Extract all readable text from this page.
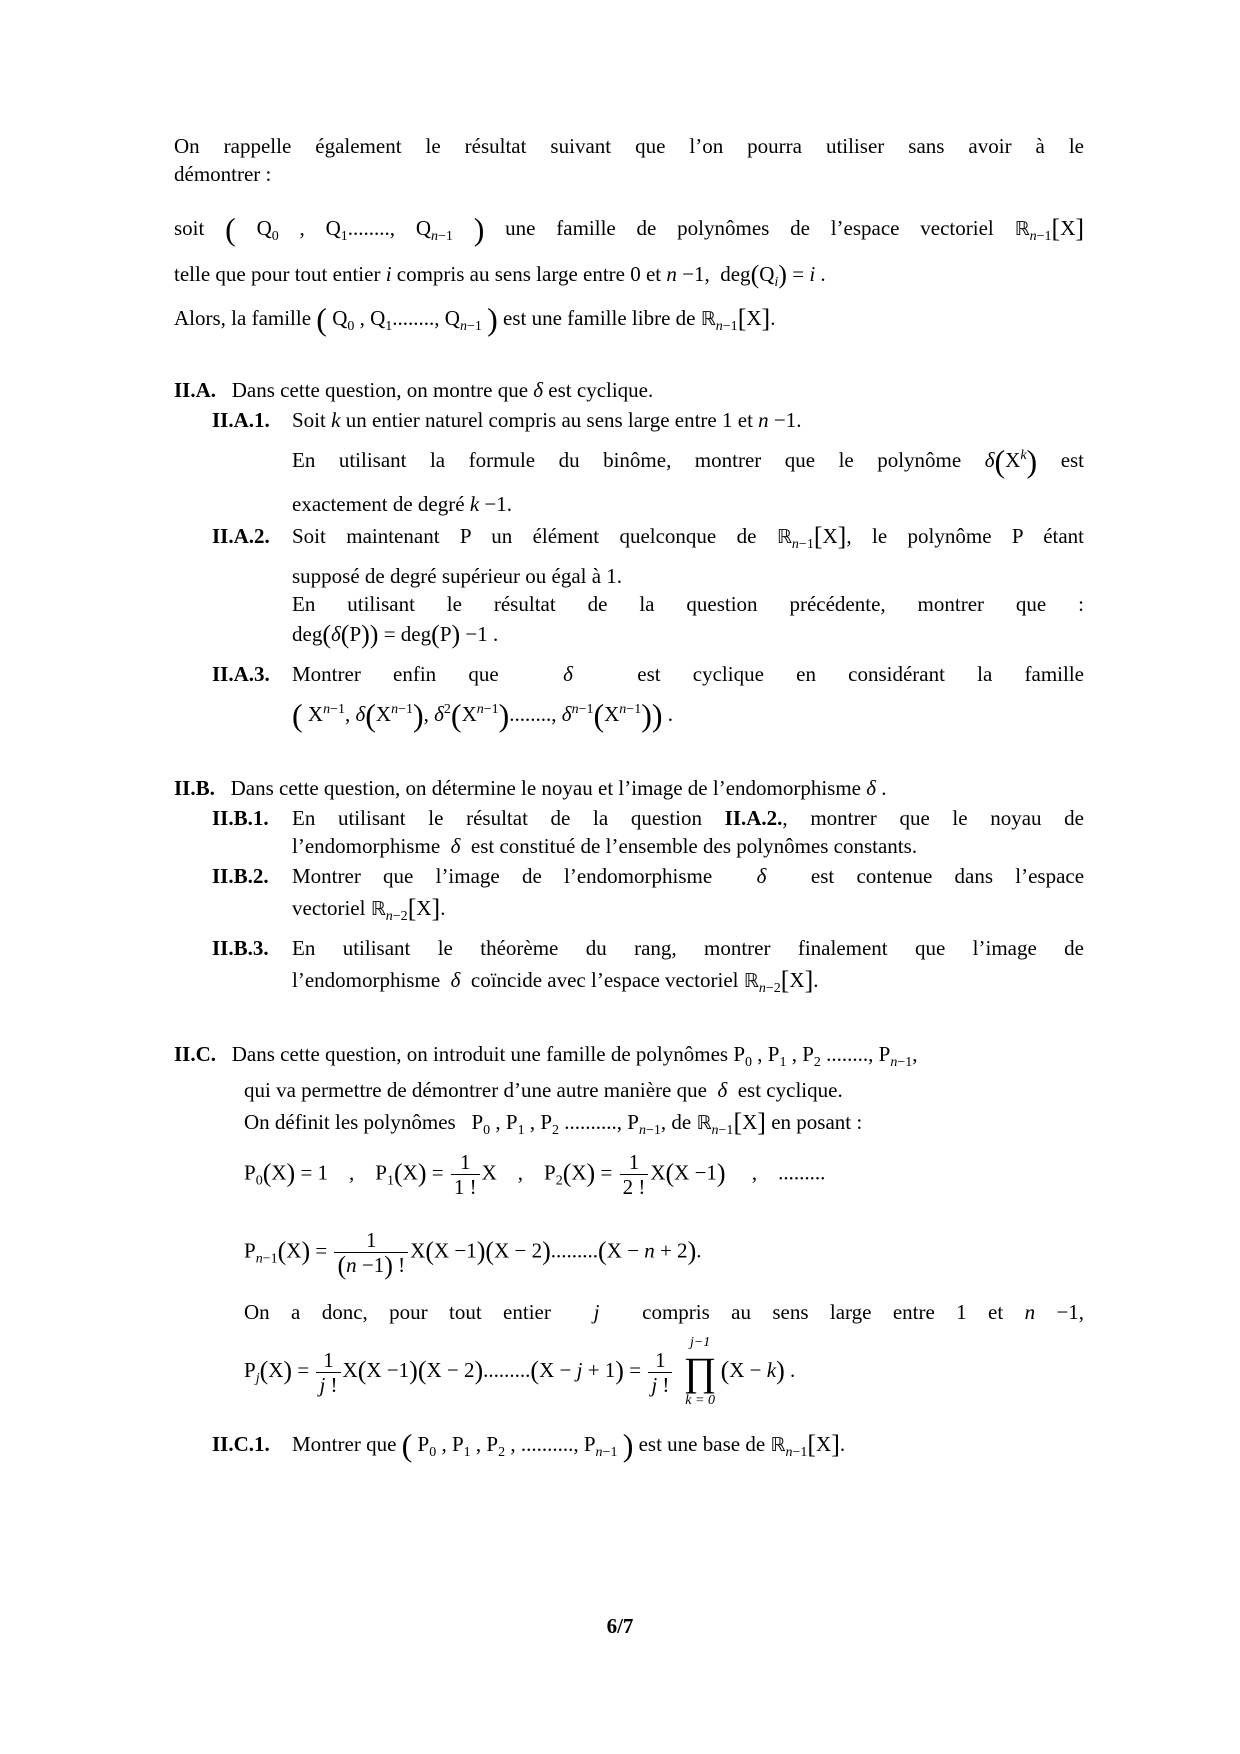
On rappelle également le résultat suivant que l’on pourra utiliser sans avoir à le
démontrer :
soit ( $Q_0$ , $Q_1$........, $Q_{n-1}$ ) une famille de polynômes de l’espace vectoriel ℝ$_{n-1}$[X]
telle que pour tout entier i compris au sens large entre 0 et n −1,  $deg(Q_i) = i$ .
Alors, la famille ( $Q_0$ , $Q_1$........, $Q_{n-1}$ ) est une famille libre de ℝ$_{n-1}$[X].
II.A. Dans cette question, on montre que δ est cyclique.
II.A.1. Soit k un entier naturel compris au sens large entre 1 et n −1.
En utilisant la formule du binôme, montrer que le polynôme $\delta(X^k)$ est
exactement de degré k −1.
II.A.2. Soit maintenant P un élément quelconque de ℝ$_{n-1}$[X], le polynôme P étant
supposé de degré supérieur ou égal à 1.
En utilisant le résultat de la question précédente, montrer que :
deg(δ(P)) = deg(P) −1 .
II.A.3. Montrer enfin que	δ	est cyclique en considérant la famille
( $X^{n-1}$, $\delta(X^{n-1})$, $\delta^2(X^{n-1})$........, $\delta^{n-1}(X^{n-1})$) .
II.B. Dans cette question, on détermine le noyau et l’image de l’endomorphisme δ .
II.B.1. En utilisant le résultat de la question II.A.2., montrer que le noyau de
l’endomorphisme δ est constitué de l’ensemble des polynômes constants.
II.B.2. Montrer que l’image de l’endomorphisme δ est contenue dans l’espace
vectoriel ℝ$_{n-2}$[X].
II.B.3. En utilisant le théorème du rang, montrer finalement que l’image de
l’endomorphisme δ coïncide avec l’espace vectoriel ℝ$_{n-2}$[X].
II.C. Dans cette question, on introduit une famille de polynômes $P_0$ , $P_1$ , $P_2$ ........, $P_{n-1}$,
qui va permettre de démontrer d’une autre manière que δ est cyclique.
On définit les polynômes $P_0$ , $P_1$ , $P_2$ .........., $P_{n-1}$, de ℝ$_{n-1}$[X] en posant :
$P_0(X) = 1$    ,    $P_1(X) = \frac{1}{1 !}$ X    ,    $P_2(X) = \frac{1}{2 !} X(X -1)$     ,    .........
$P_{n-1}(X) = \frac{1}{(n -1) !} X(X -1)(X - 2).........(X - n + 2)$.
On a donc, pour tout entier j compris au sens large entre 1 et n −1,
$P_j(X) = \frac{1}{j !} X(X -1)(X - 2).........(X - j + 1) = \frac{1}{j !}$

j−1
∏
k = 0
(X − k) .
II.C.1. Montrer que ( $P_0$ , $P_1$ , $P_2$ , .........., $P_{n-1}$ ) est une base de ℝ$_{n-1}$[X].
6/7
